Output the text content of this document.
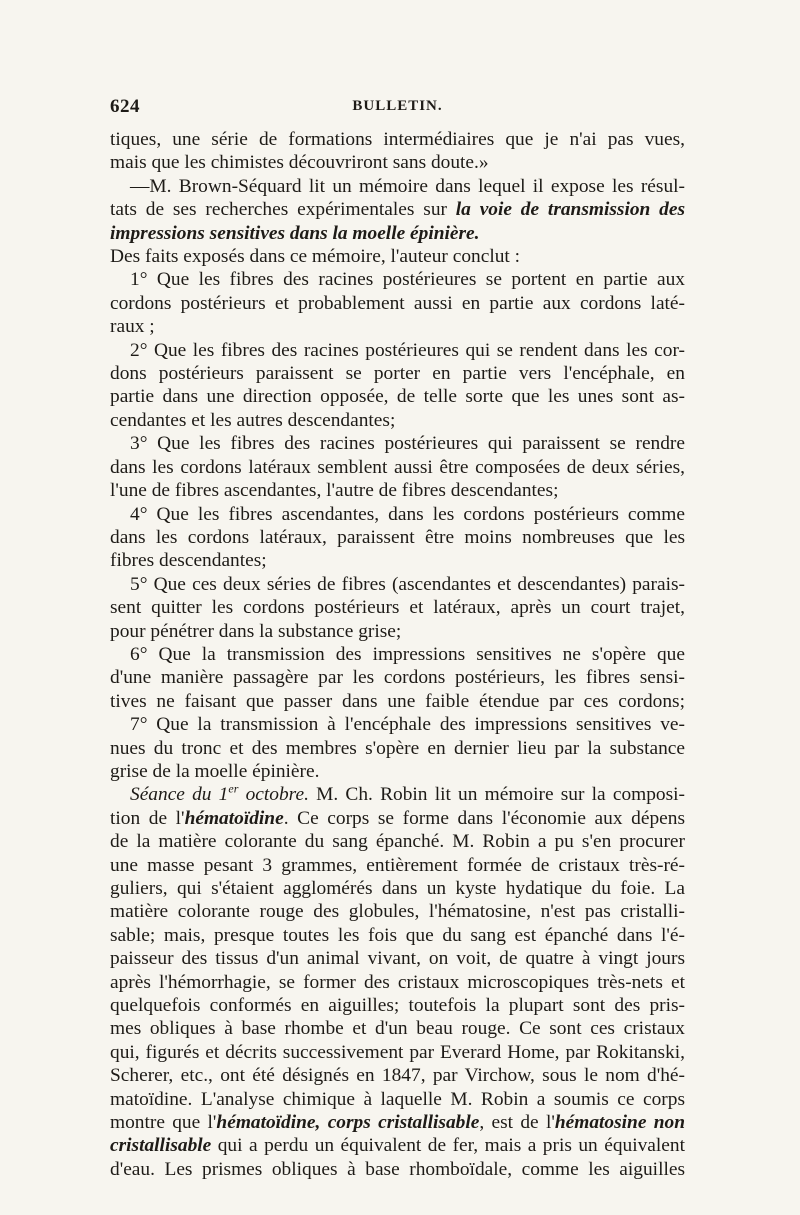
624	BULLETIN.
tiques, une série de formations intermédiaires que je n'ai pas vues,
mais que les chimistes découvriront sans doute.»
—M. Brown-Séquard lit un mémoire dans lequel il expose les résul-
tats de ses recherches expérimentales sur la voie de transmission des
impressions sensitives dans la moelle épinière.
Des faits exposés dans ce mémoire, l'auteur conclut :
1° Que les fibres des racines postérieures se portent en partie aux
cordons postérieurs et probablement aussi en partie aux cordons laté-
raux ;
2° Que les fibres des racines postérieures qui se rendent dans les cor-
dons postérieurs paraissent se porter en partie vers l'encéphale, en
partie dans une direction opposée, de telle sorte que les unes sont as-
cendantes et les autres descendantes;
3° Que les fibres des racines postérieures qui paraissent se rendre
dans les cordons latéraux semblent aussi être composées de deux séries,
l'une de fibres ascendantes, l'autre de fibres descendantes;
4° Que les fibres ascendantes, dans les cordons postérieurs comme
dans les cordons latéraux, paraissent être moins nombreuses que les
fibres descendantes;
5° Que ces deux séries de fibres (ascendantes et descendantes) parais-
sent quitter les cordons postérieurs et latéraux, après un court trajet,
pour pénétrer dans la substance grise;
6° Que la transmission des impressions sensitives ne s'opère que
d'une manière passagère par les cordons postérieurs, les fibres sensi-
tives ne faisant que passer dans une faible étendue par ces cordons;
7° Que la transmission à l'encéphale des impressions sensitives ve-
nues du tronc et des membres s'opère en dernier lieu par la substance
grise de la moelle épinière.
Séance du 1er octobre. M. Ch. Robin lit un mémoire sur la composi-
tion de l'hématoïdine. Ce corps se forme dans l'économie aux dépens
de la matière colorante du sang épanché. M. Robin a pu s'en procurer
une masse pesant 3 grammes, entièrement formée de cristaux très-ré-
guliers, qui s'étaient agglomérés dans un kyste hydatique du foie. La
matière colorante rouge des globules, l'hématosine, n'est pas cristalli-
sable; mais, presque toutes les fois que du sang est épanché dans l'é-
paisseur des tissus d'un animal vivant, on voit, de quatre à vingt jours
après l'hémorrhagie, se former des cristaux microscopiques très-nets et
quelquefois conformés en aiguilles; toutefois la plupart sont des pris-
mes obliques à base rhombe et d'un beau rouge. Ce sont ces cristaux
qui, figurés et décrits successivement par Everard Home, par Rokitanski,
Scherer, etc., ont été désignés en 1847, par Virchow, sous le nom d'hé-
matoïdine. L'analyse chimique à laquelle M. Robin a soumis ce corps
montre que l'hématoïdine, corps cristallisable, est de l'hématosine non
cristallisable qui a perdu un équivalent de fer, mais a pris un équivalent
d'eau. Les prismes obliques à base rhomboïdale, comme les aiguilles
